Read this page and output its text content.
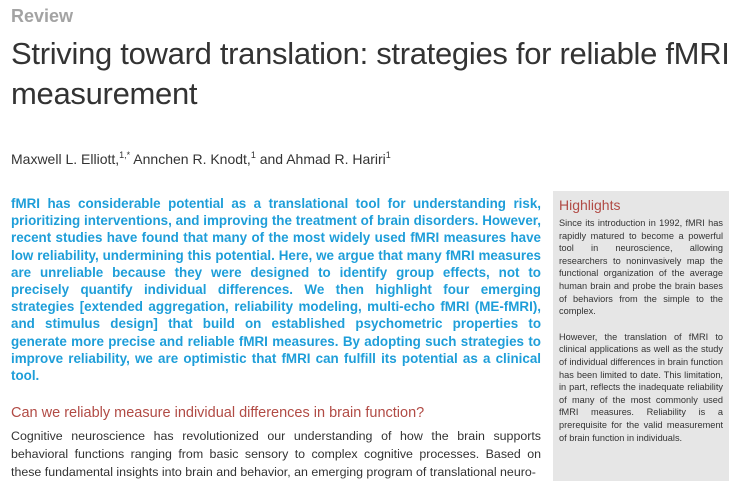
Review
Striving toward translation: strategies for reliable fMRI measurement

Maxwell L. Elliott,$^{1,*}$ Annchen R. Knodt,$^1$ and Ahmad R. Hariri$^1$

fMRI has considerable potential as a translational tool for understanding risk, prioritizing interventions, and improving the treatment of brain disorders. However, recent studies have found that many of the most widely used fMRI measures have low reliability, undermining this potential. Here, we argue that many fMRI measures are unreliable because they were designed to identify group effects, not to precisely quantify individual differences. We then highlight four emerging strategies [extended aggregation, reliability modeling, multi-echo fMRI (ME-fMRI), and stimulus design] that build on established psychometric properties to generate more precise and reliable fMRI measures. By adopting such strategies to improve reliability, we are optimistic that fMRI can fulfill its potential as a clinical tool.

Can we reliably measure individual differences in brain function?

Cognitive neuroscience has revolutionized our understanding of how the brain supports behavioral functions ranging from basic sensory to complex cognitive processes. Based on these fundamental insights into brain and behavior, an emerging program of translational neuro-

Highlights

Since its introduction in 1992, fMRI has rapidly matured to become a powerful tool in neuroscience, allowing researchers to noninvasively map the functional organization of the average human brain and probe the brain bases of behaviors from the simple to the complex.

However, the translation of fMRI to clinical applications as well as the study of individual differences in brain function has been limited to date. This limitation, in part, reflects the inadequate reliability of many of the most commonly used fMRI measures. Reliability is a prerequisite for the valid measurement of brain function in individuals.
